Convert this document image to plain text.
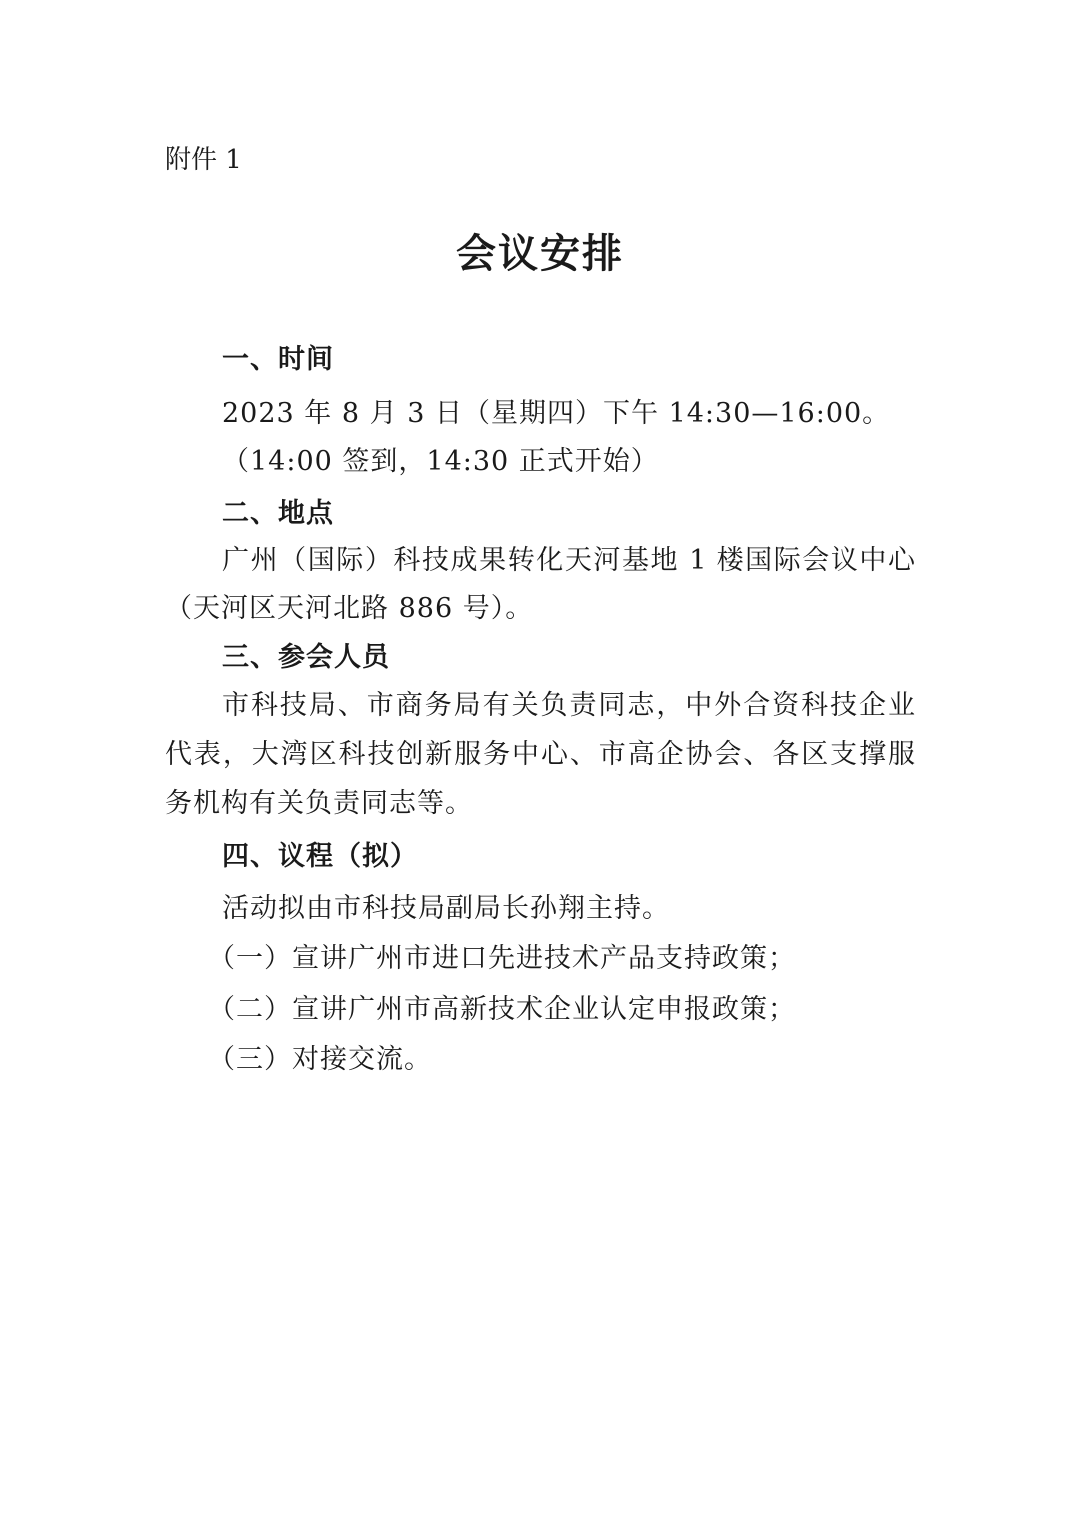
附件 1
会议安排
一、时间
2023 年 8 月 3 日（星期四）下午 14:30—16:00。
（14:00 签到，14:30 正式开始）
二、地点
广州（国际）科技成果转化天河基地 1 楼国际会议中心
（天河区天河北路 886 号）。
三、参会人员
市科技局、市商务局有关负责同志，中外合资科技企业
代表，大湾区科技创新服务中心、市高企协会、各区支撑服
务机构有关负责同志等。
四、议程（拟）
活动拟由市科技局副局长孙翔主持。
（一）宣讲广州市进口先进技术产品支持政策；
（二）宣讲广州市高新技术企业认定申报政策；
（三）对接交流。
